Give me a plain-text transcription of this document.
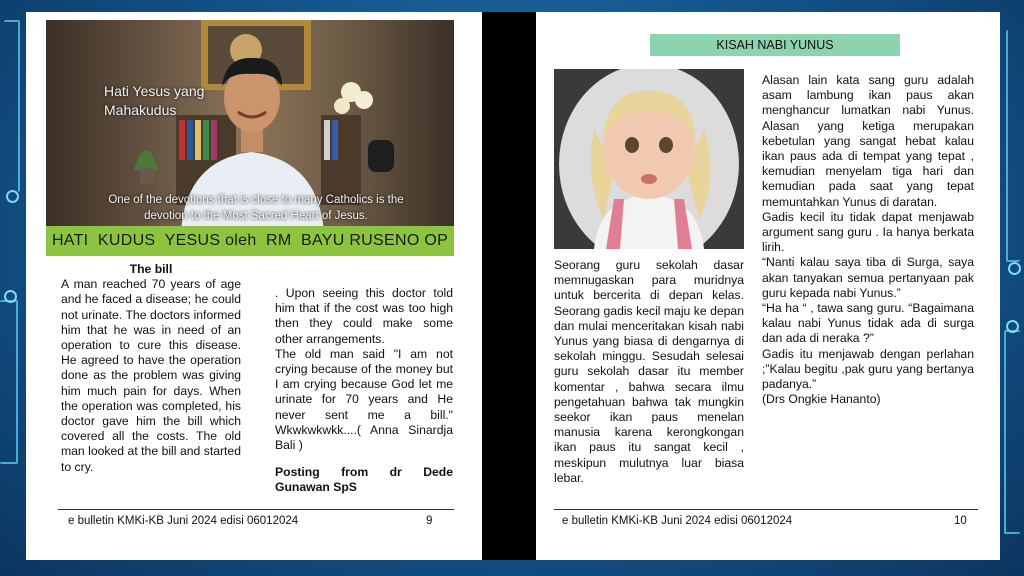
Hati Yesus yang Mahakudus
One of the devotions that is close to many Catholics is the devotion to the Most Sacred Heart of Jesus.
HATI  KUDUS  YESUS oleh  RM  BAYU RUSENO OP

The bill

A man reached 70 years of age and he faced a disease; he could not urinate. The doctors informed him that he was in need of an operation to cure this disease. He agreed to have the operation done as the problem was giving him much pain for days. When the operation was completed, his doctor gave him the bill which covered all the costs. The old man looked at the bill and started to cry.

. Upon seeing this doctor told him that if the cost was too high then they could make some other arrangements.

The old man said "I am not crying because of the money but I am crying because God let me urinate for 70 years and He never sent me a bill." Wkwkwkwkk....( Anna Sinardja Bali )

Posting from dr Dede Gunawan SpS

e bulletin KMKi-KB Juni 2024 edisi 06012024	9
KISAH NABI YUNUS
Seorang guru sekolah dasar memnugaskan para muridnya untuk bercerita di depan kelas. Seorang gadis kecil maju ke depan dan mulai menceritakan kisah nabi Yunus yang biasa di dengarnya di sekolah minggu. Sesudah selesai guru sekolah dasar itu member komentar , bahwa secara ilmu pengetahuan bahwa tak mungkin seekor ikan paus menelan manusia karena kerongkongan ikan paus itu sangat kecil , meskipun mulutnya luar biasa lebar.

Alasan lain kata sang guru adalah asam lambung ikan paus akan menghancur lumatkan nabi Yunus. Alasan yang ketiga merupakan kebetulan yang sangat hebat kalau ikan paus ada di tempat yang tepat , kemudian menyelam tiga hari dan kemudian pada saat yang tepat memuntahkan Yunus di daratan.

Gadis kecil itu tidak dapat menjawab argument sang guru . Ia hanya berkata lirih.

“Nanti kalau saya tiba di Surga, saya akan tanyakan semua pertanyaan pak guru kepada nabi Yunus.”

“Ha ha “ , tawa sang guru. “Bagaimana kalau nabi Yunus tidak ada di surga dan ada di neraka ?”

Gadis itu menjawab dengan perlahan ;”Kalau begitu ,pak guru yang bertanya padanya.”

(Drs Ongkie Hananto)

e bulletin KMKi-KB Juni 2024 edisi 06012024	10
